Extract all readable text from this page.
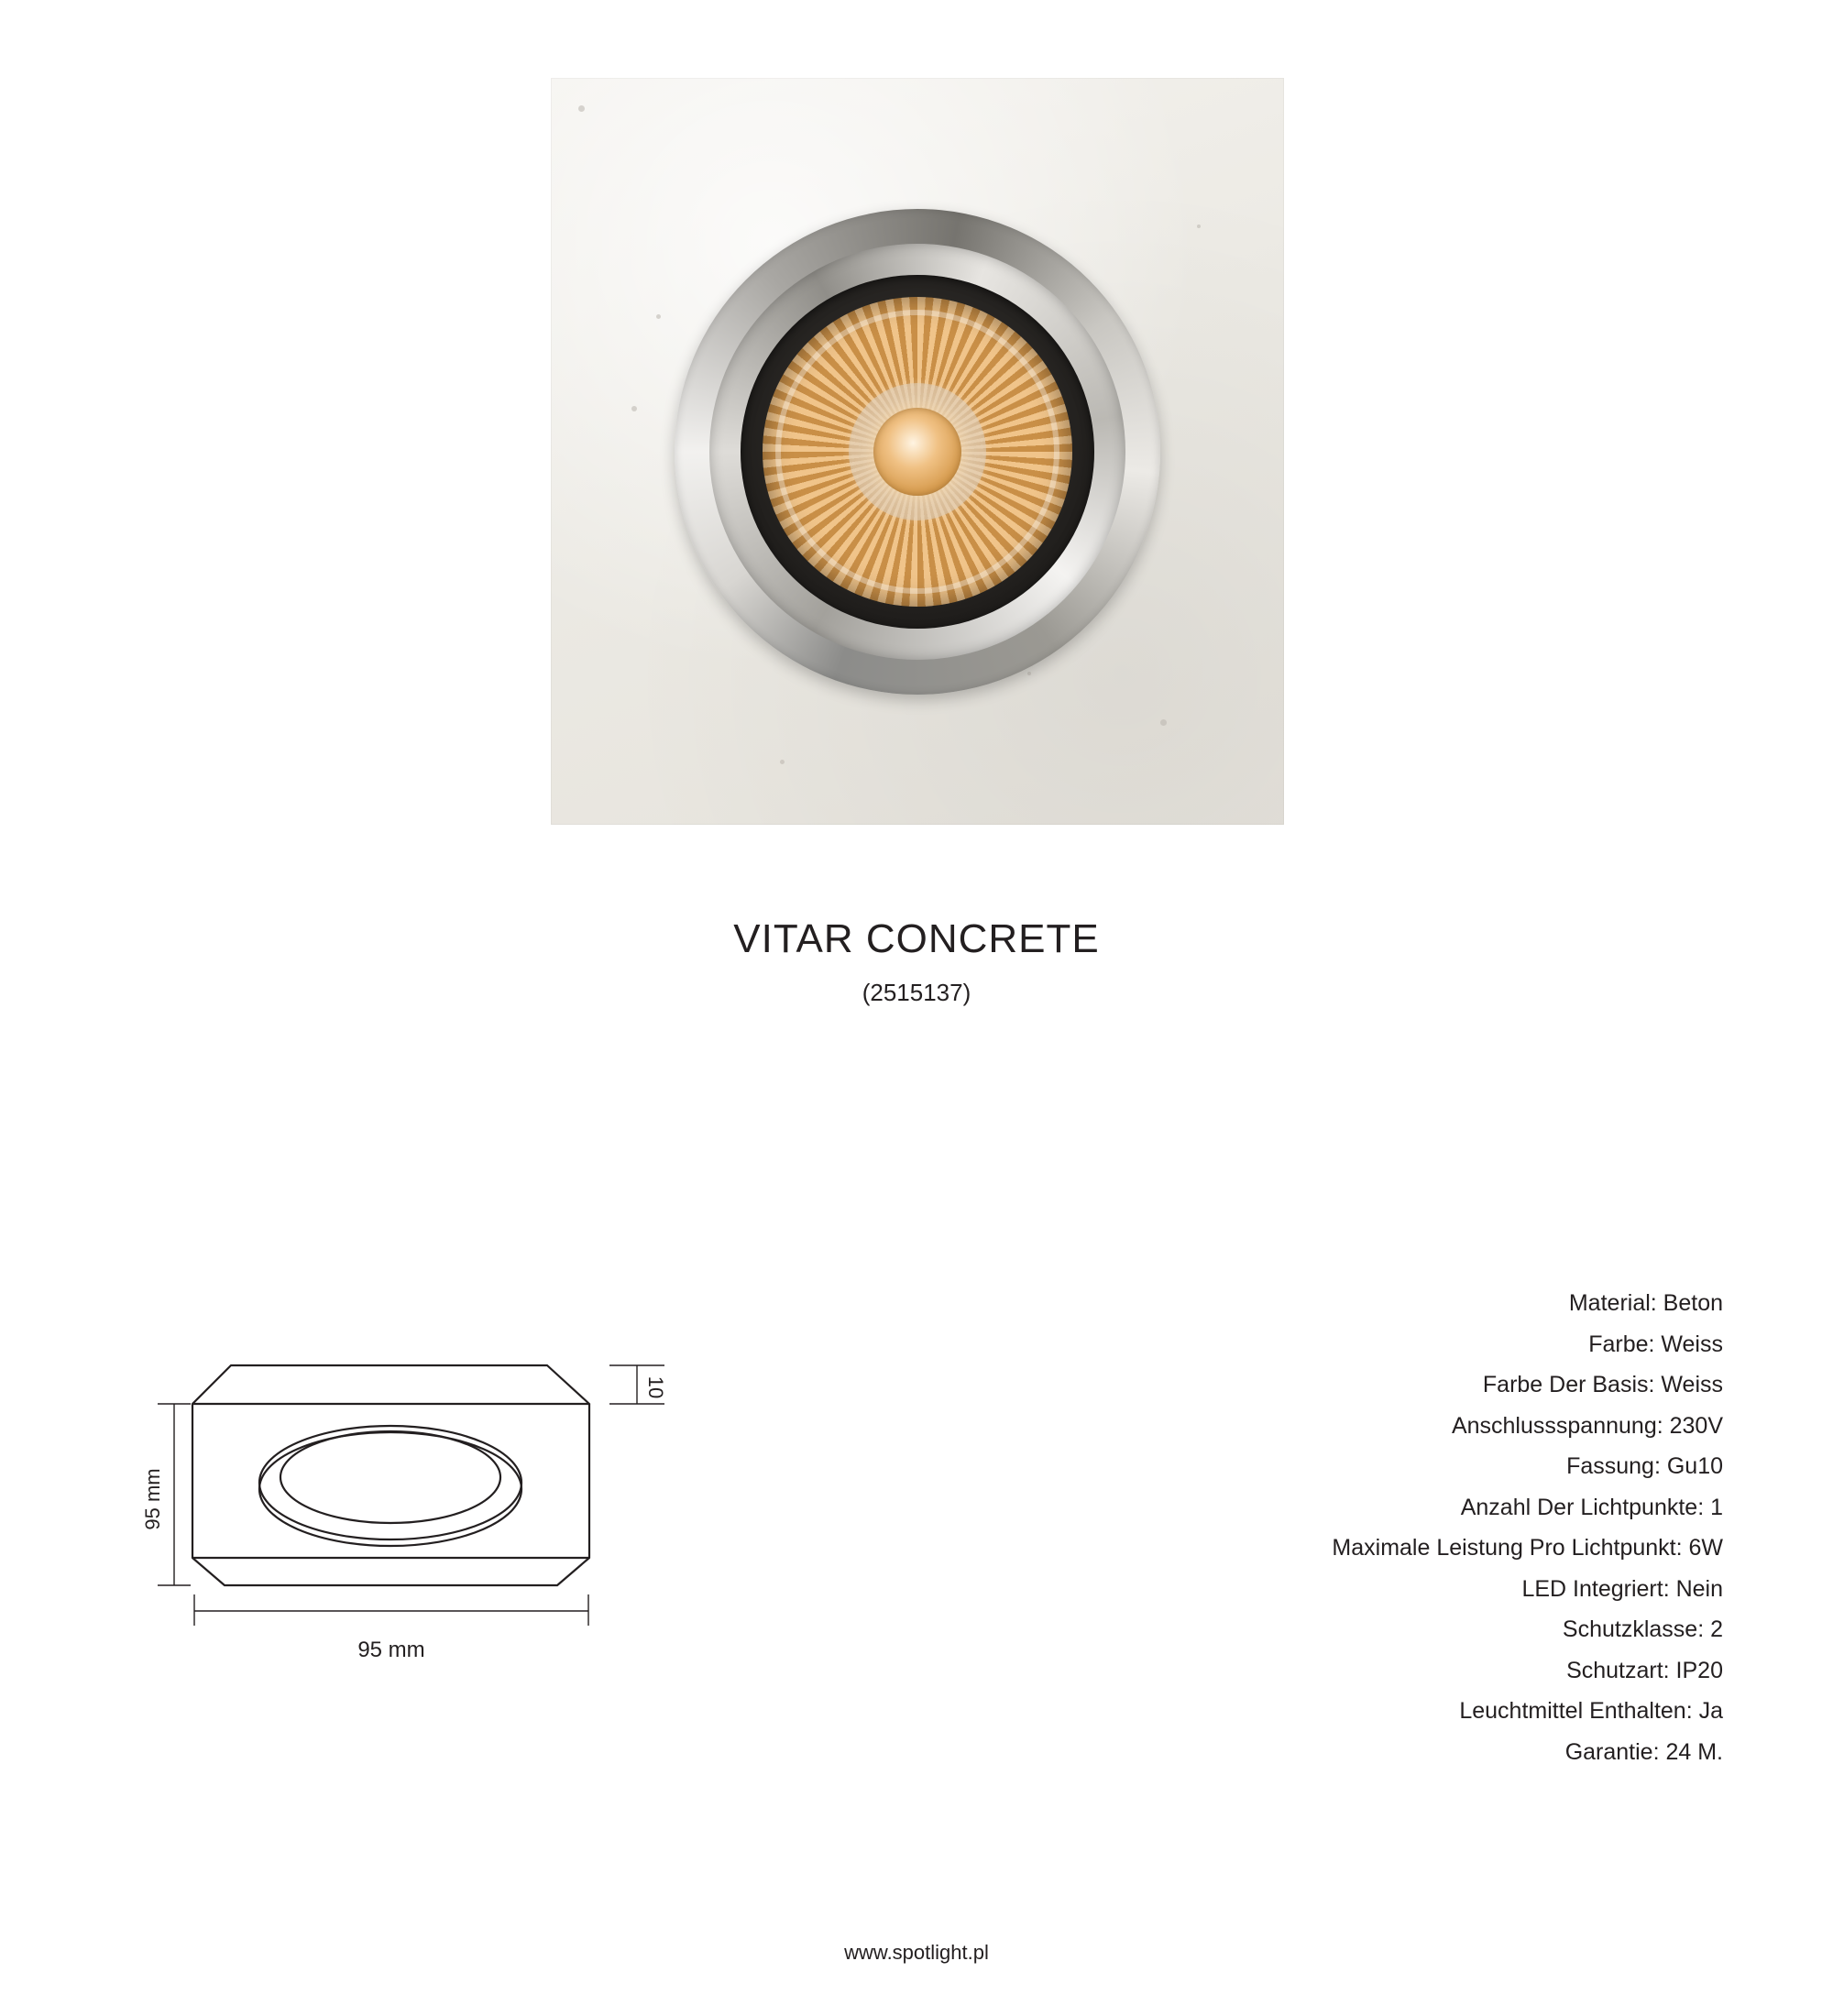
VITAR CONCRETE
(2515137)
10
95 mm
95 mm
Material: Beton
Farbe: Weiss
Farbe Der Basis: Weiss
Anschlussspannung: 230V
Fassung: Gu10
Anzahl Der Lichtpunkte: 1
Maximale Leistung Pro Lichtpunkt: 6W
LED Integriert: Nein
Schutzklasse: 2
Schutzart: IP20
Leuchtmittel Enthalten: Ja
Garantie: 24 M.
www.spotlight.pl
